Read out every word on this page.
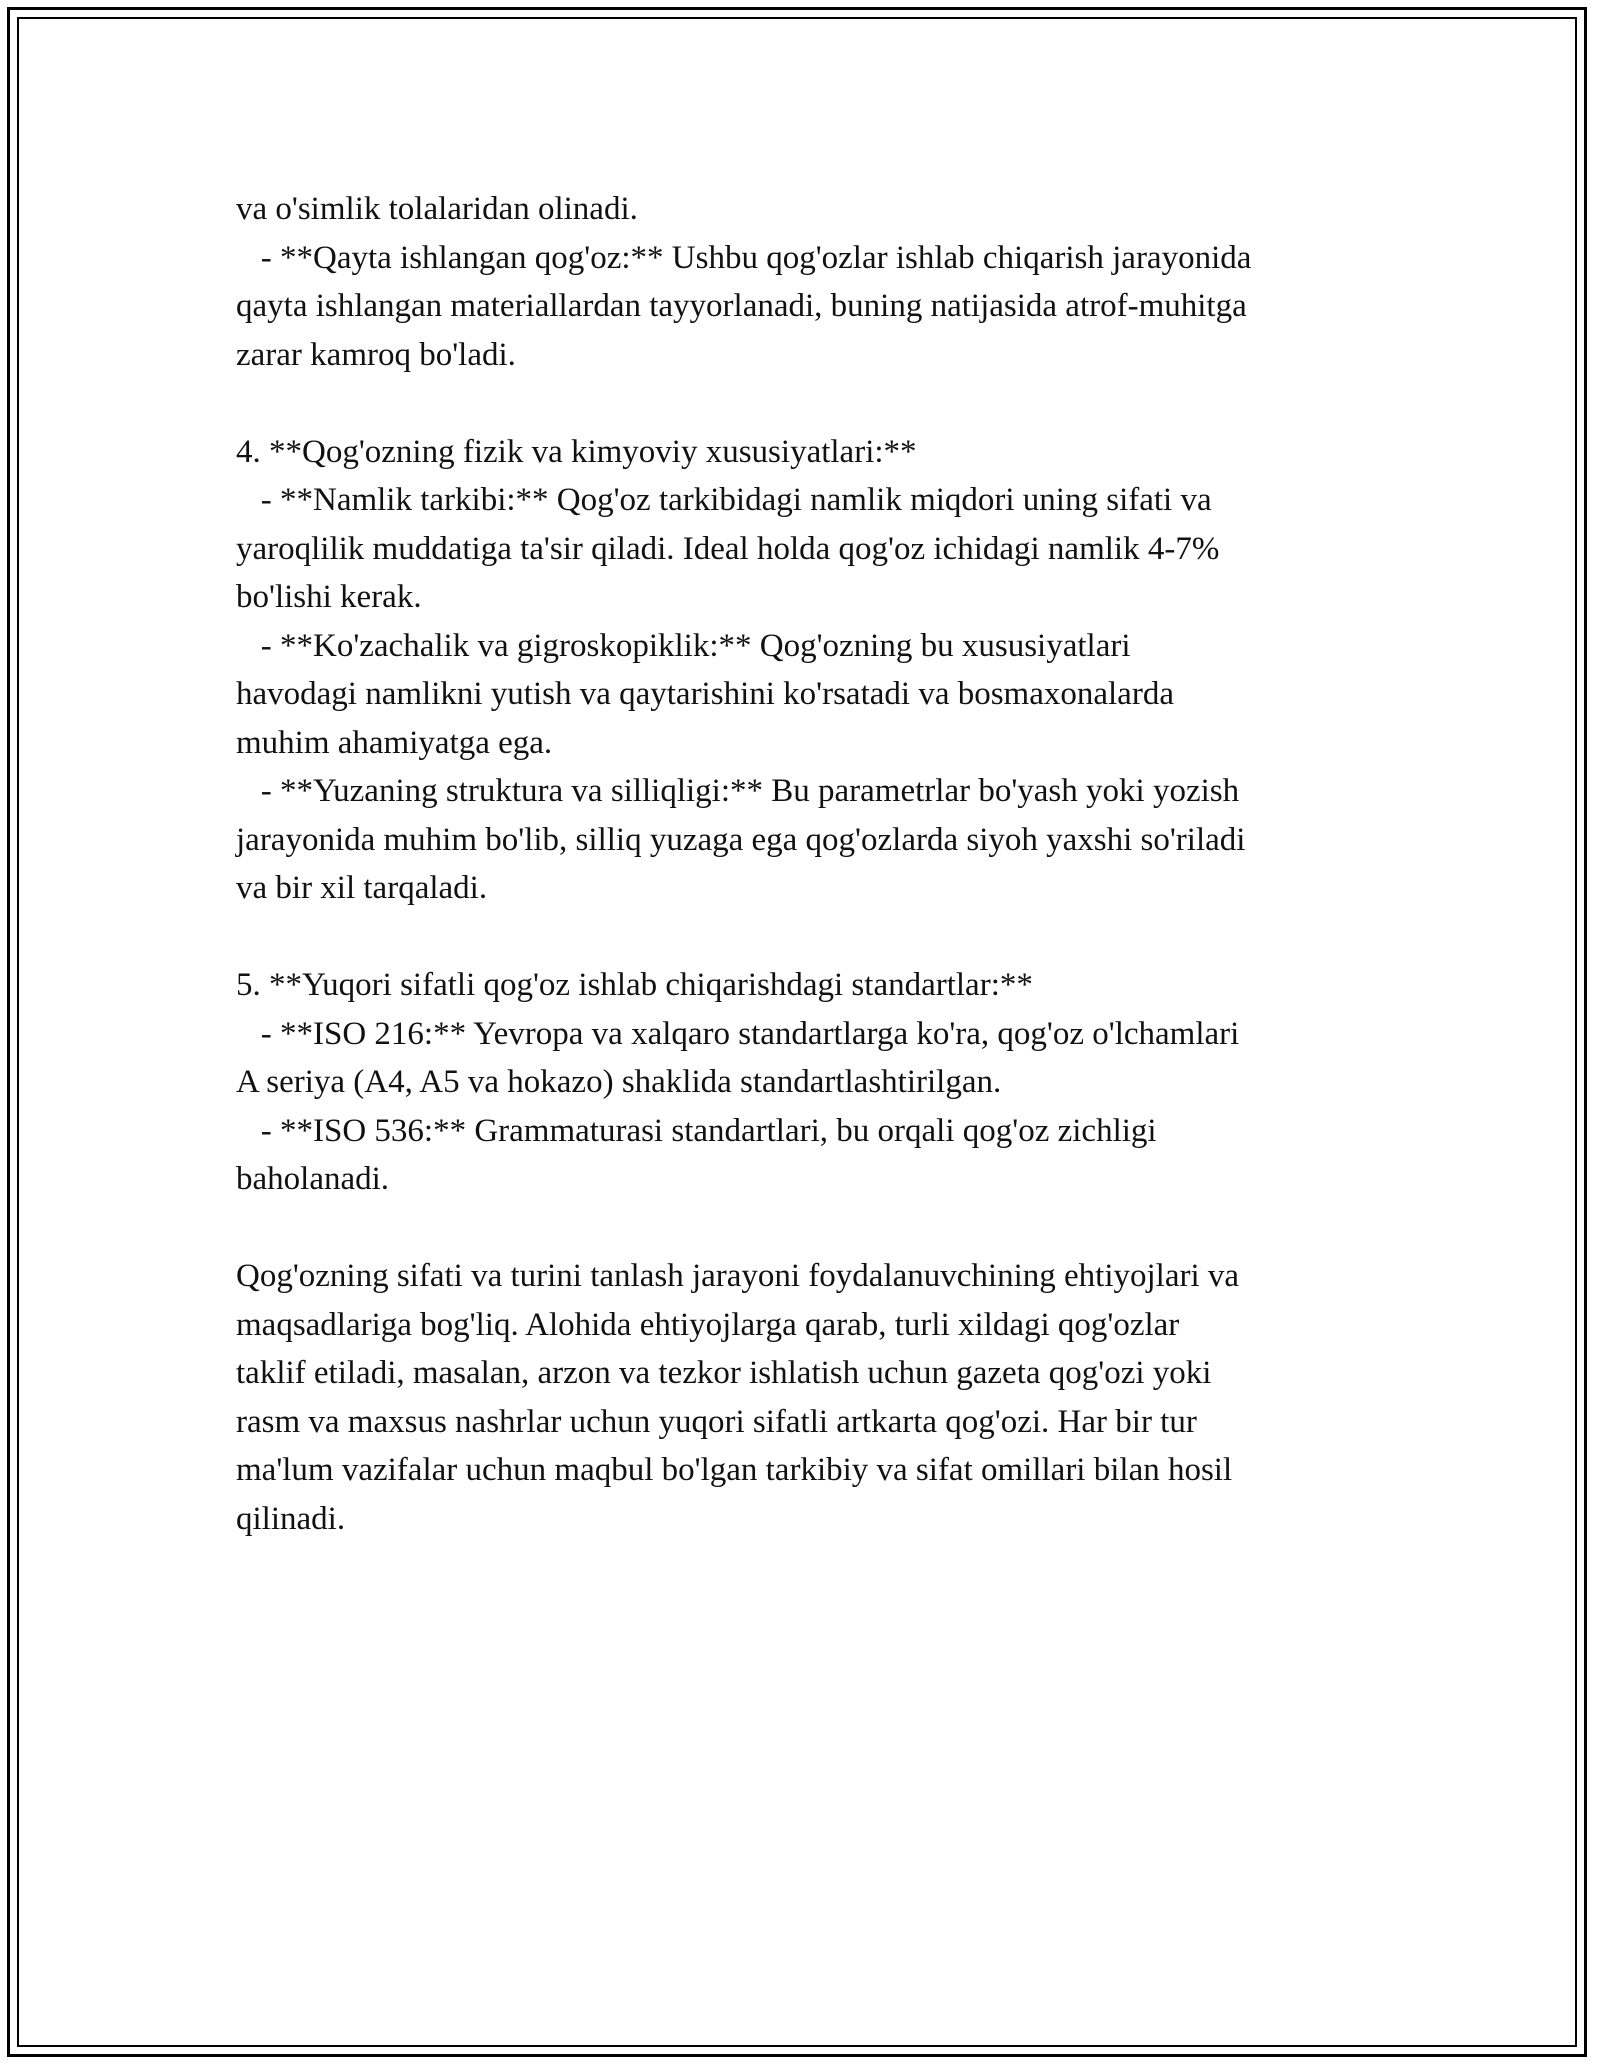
va o'simlik tolalaridan olinadi.
- **Qayta ishlangan qog'oz:** Ushbu qog'ozlar ishlab chiqarish jarayonida
qayta ishlangan materiallardan tayyorlanadi, buning natijasida atrof-muhitga
zarar kamroq bo'ladi.
4. **Qog'ozning fizik va kimyoviy xususiyatlari:**
- **Namlik tarkibi:** Qog'oz tarkibidagi namlik miqdori uning sifati va
yaroqlilik muddatiga ta'sir qiladi. Ideal holda qog'oz ichidagi namlik 4-7%
bo'lishi kerak.
- **Ko'zachalik va gigroskopiklik:** Qog'ozning bu xususiyatlari
havodagi namlikni yutish va qaytarishini ko'rsatadi va bosmaxonalarda
muhim ahamiyatga ega.
- **Yuzaning struktura va silliqligi:** Bu parametrlar bo'yash yoki yozish
jarayonida muhim bo'lib, silliq yuzaga ega qog'ozlarda siyoh yaxshi so'riladi
va bir xil tarqaladi.
5. **Yuqori sifatli qog'oz ishlab chiqarishdagi standartlar:**
- **ISO 216:** Yevropa va xalqaro standartlarga ko'ra, qog'oz o'lchamlari
A seriya (A4, A5 va hokazo) shaklida standartlashtirilgan.
- **ISO 536:** Grammaturasi standartlari, bu orqali qog'oz zichligi
baholanadi.
Qog'ozning sifati va turini tanlash jarayoni foydalanuvchining ehtiyojlari va
maqsadlariga bog'liq. Alohida ehtiyojlarga qarab, turli xildagi qog'ozlar
taklif etiladi, masalan, arzon va tezkor ishlatish uchun gazeta qog'ozi yoki
rasm va maxsus nashrlar uchun yuqori sifatli artkarta qog'ozi. Har bir tur
ma'lum vazifalar uchun maqbul bo'lgan tarkibiy va sifat omillari bilan hosil
qilinadi.
